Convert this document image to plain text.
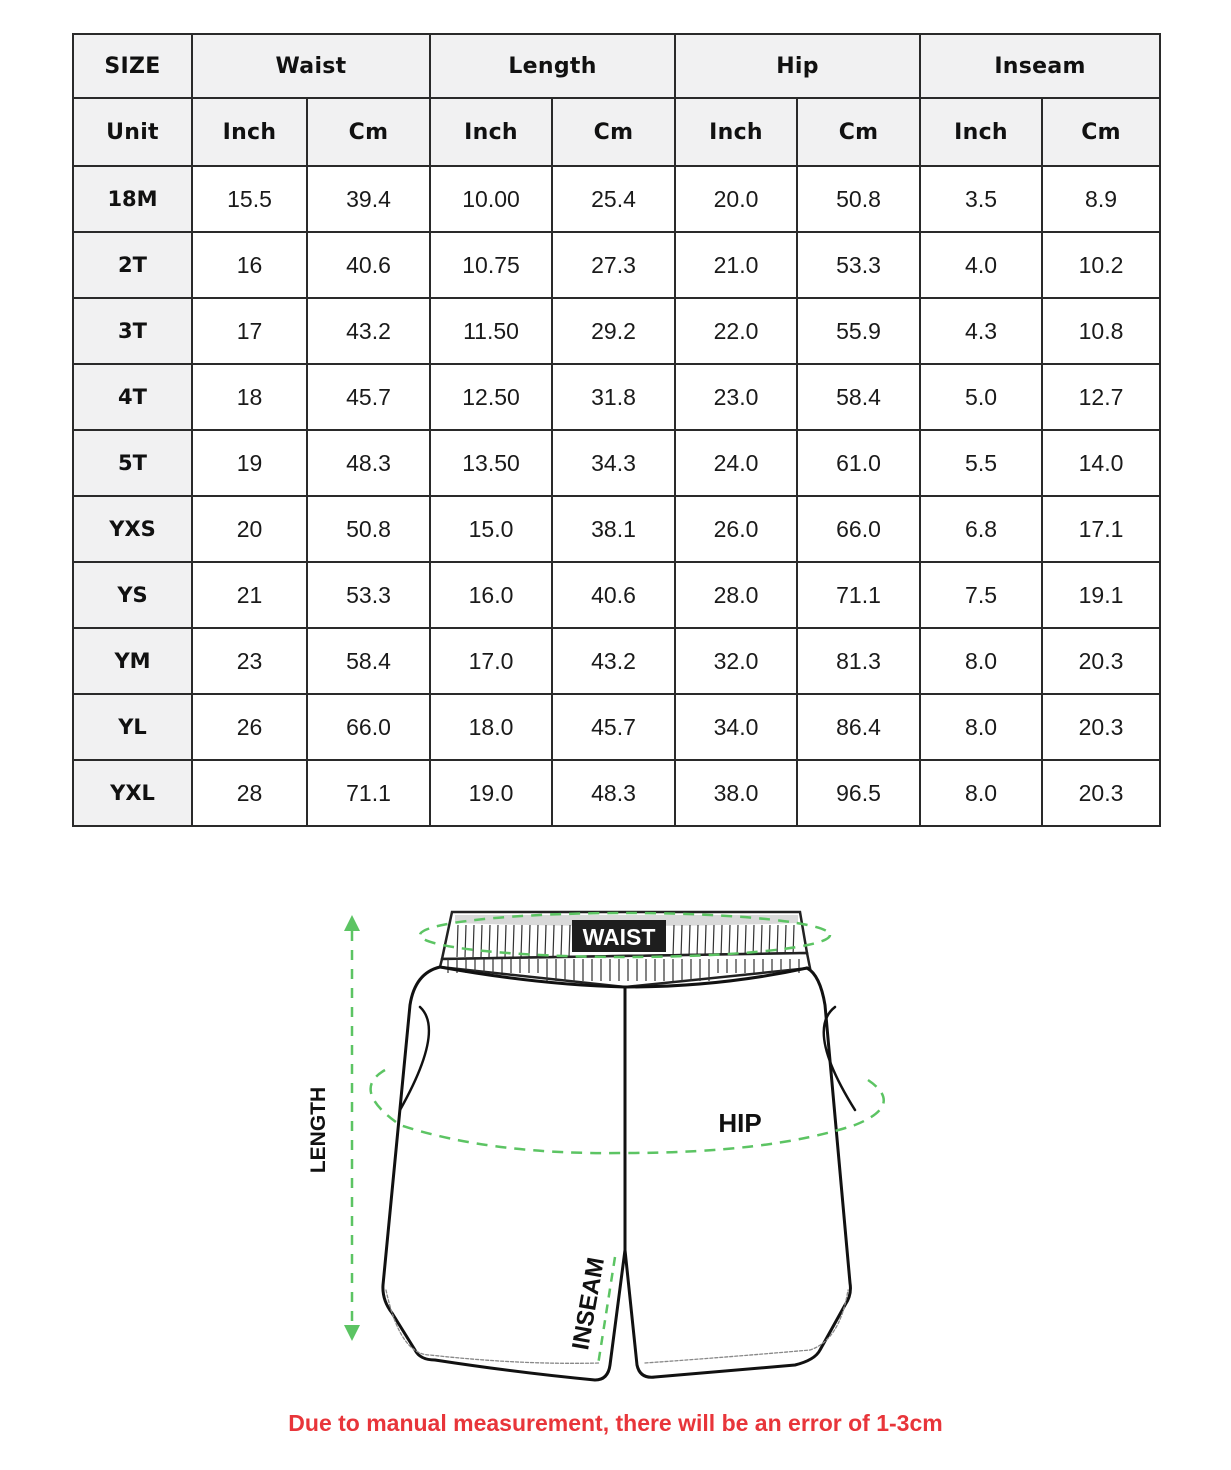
SIZE	Waist		Length		Hip		Inseam	
Unit	Inch	Cm	Inch	Cm	Inch	Cm	Inch	Cm
18M	15.5	39.4	10.00	25.4	20.0	50.8	3.5	8.9
2T	16	40.6	10.75	27.3	21.0	53.3	4.0	10.2
3T	17	43.2	11.50	29.2	22.0	55.9	4.3	10.8
4T	18	45.7	12.50	31.8	23.0	58.4	5.0	12.7
5T	19	48.3	13.50	34.3	24.0	61.0	5.5	14.0
YXS	20	50.8	15.0	38.1	26.0	66.0	6.8	17.1
YS	21	53.3	16.0	40.6	28.0	71.1	7.5	19.1
YM	23	58.4	17.0	43.2	32.0	81.3	8.0	20.3
YL	26	66.0	18.0	45.7	34.0	86.4	8.0	20.3
YXL	28	71.1	19.0	48.3	38.0	96.5	8.0	20.3
WAIST
HIP
LENGTH
INSEAM
Due to manual measurement, there will be an error of 1-3cm
